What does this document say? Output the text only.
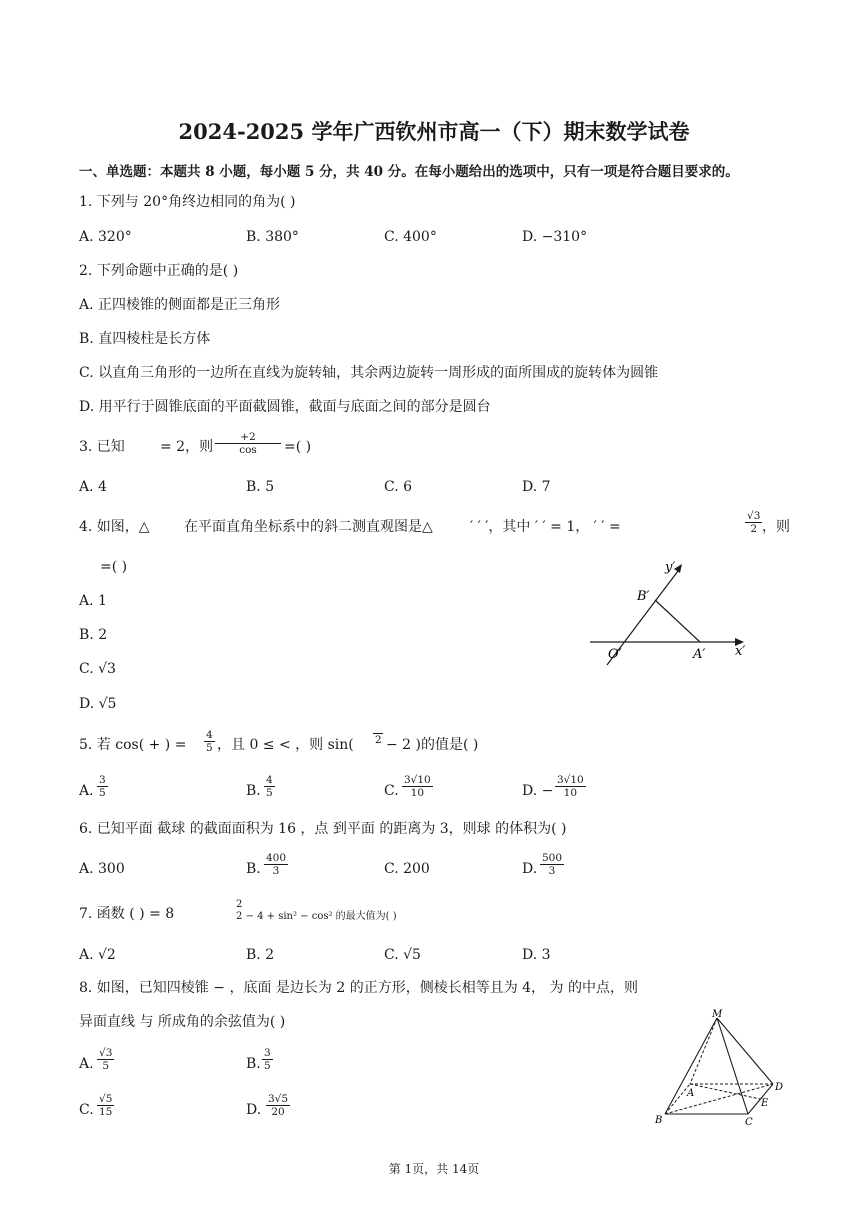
2024-2025 学年广西钦州市高一（下）期末数学试卷
一、单选题：本题共 8 小题，每小题 5 分，共 40 分。在每小题给出的选项中，只有一项是符合题目要求的。
1. 下列与 20°角终边相同的角为( )
A. 320°	B. 380°	C. 400°	D. −310°
2. 下列命题中正确的是( )
A. 正四棱锥的侧面都是正三角形
B. 直四棱柱是长方体
C. 以直角三角形的一边所在直线为旋转轴，其余两边旋转一周形成的面所围成的旋转体为圆锥
D. 用平行于圆锥底面的平面截圆锥，截面与底面之间的部分是圆台
3. 已知	= 2，则 $\frac{+2}{\cos}$ =( )
A. 4	B. 5	C. 6	D. 7
4. 如图，△ 在平面直角坐标系中的斜二测直观图是△	′ ′ ′，其中 ′ ′ = 1， ′ ′ =	$\frac{√3}{2}$ ，则
=( )
A. 1
B. 2
C. √3
D. √5
y′
x′
B′
O′	A′
5. 若 cos( + ) = $\frac{4}{5}$ ，且 0 ≤ < ，则 sin( 2 − 2 )的值是( )
A. $\frac{3}{5}$	B. $\frac{4}{5}$	C. $\frac{3√10}{10}$	D. − $\frac{3√10}{10}$
6. 已知平面 截球 的截面面积为 16 ，点 到平面 的距离为 3，则球 的体积为( )
A. 300	B. $\frac{400}{3}$	C. 200	D. $\frac{500}{3}$
7. 函数 ( ) = 8
2
2 − 4 + sin² − cos² 的最大值为( )
A. √2	B. 2	C. √5	D. 3
8. 如图，已知四棱锥 − ，底面 是边长为 2 的正方形，侧棱长相等且为 4， 为 的中点，则
异面直线 与 所成角的余弦值为( )
A. $\frac{√3}{5}$	B. $\frac{3}{5}$
C. $\frac{√5}{15}$	D. $\frac{3√5}{20}$
M
A
B	C
D
E
第 1页，共 14页
